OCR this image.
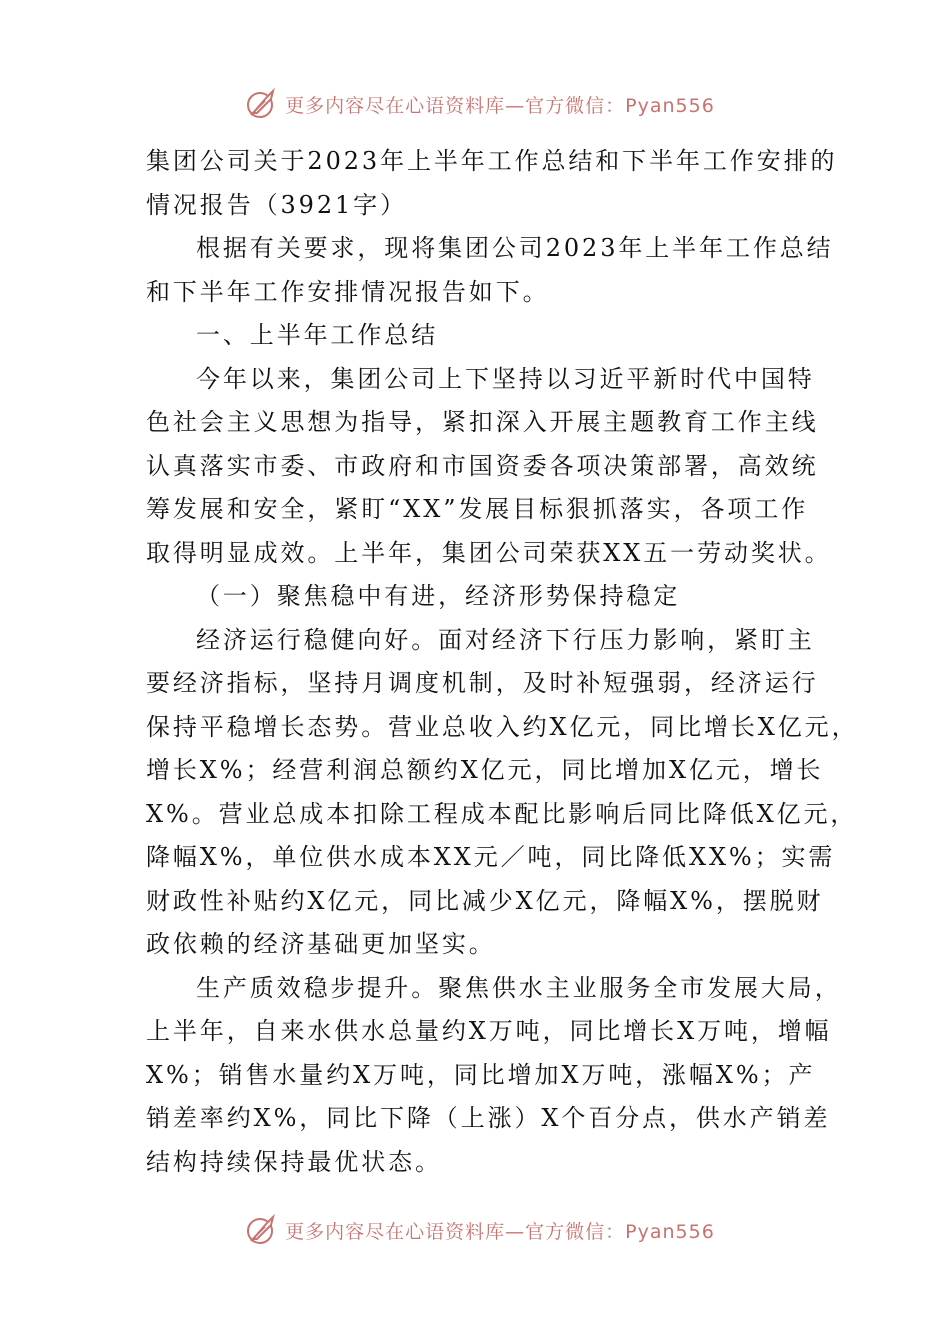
更多内容尽在心语资料库—官方微信：Pyan556
集团公司关于2023年上半年工作总结和下半年工作安排的
情况报告（3921字）
根据有关要求，现将集团公司2023年上半年工作总结
和下半年工作安排情况报告如下。
一、上半年工作总结
今年以来，集团公司上下坚持以习近平新时代中国特
色社会主义思想为指导，紧扣深入开展主题教育工作主线
认真落实市委、市政府和市国资委各项决策部署，高效统
筹发展和安全，紧盯“XX”发展目标狠抓落实，各项工作
取得明显成效。上半年，集团公司荣获XX五一劳动奖状。
（一）聚焦稳中有进，经济形势保持稳定
经济运行稳健向好。面对经济下行压力影响，紧盯主
要经济指标，坚持月调度机制，及时补短强弱，经济运行
保持平稳增长态势。营业总收入约X亿元，同比增长X亿元，
增长X%；经营利润总额约X亿元，同比增加X亿元，增长
X%。营业总成本扣除工程成本配比影响后同比降低X亿元，
降幅X%，单位供水成本XX元／吨，同比降低XX%；实需
财政性补贴约X亿元，同比减少X亿元，降幅X%，摆脱财
政依赖的经济基础更加坚实。
生产质效稳步提升。聚焦供水主业服务全市发展大局，
上半年，自来水供水总量约X万吨，同比增长X万吨，增幅
X%；销售水量约X万吨，同比增加X万吨，涨幅X%；产
销差率约X%，同比下降（上涨）X个百分点，供水产销差
结构持续保持最优状态。
更多内容尽在心语资料库—官方微信：Pyan556
